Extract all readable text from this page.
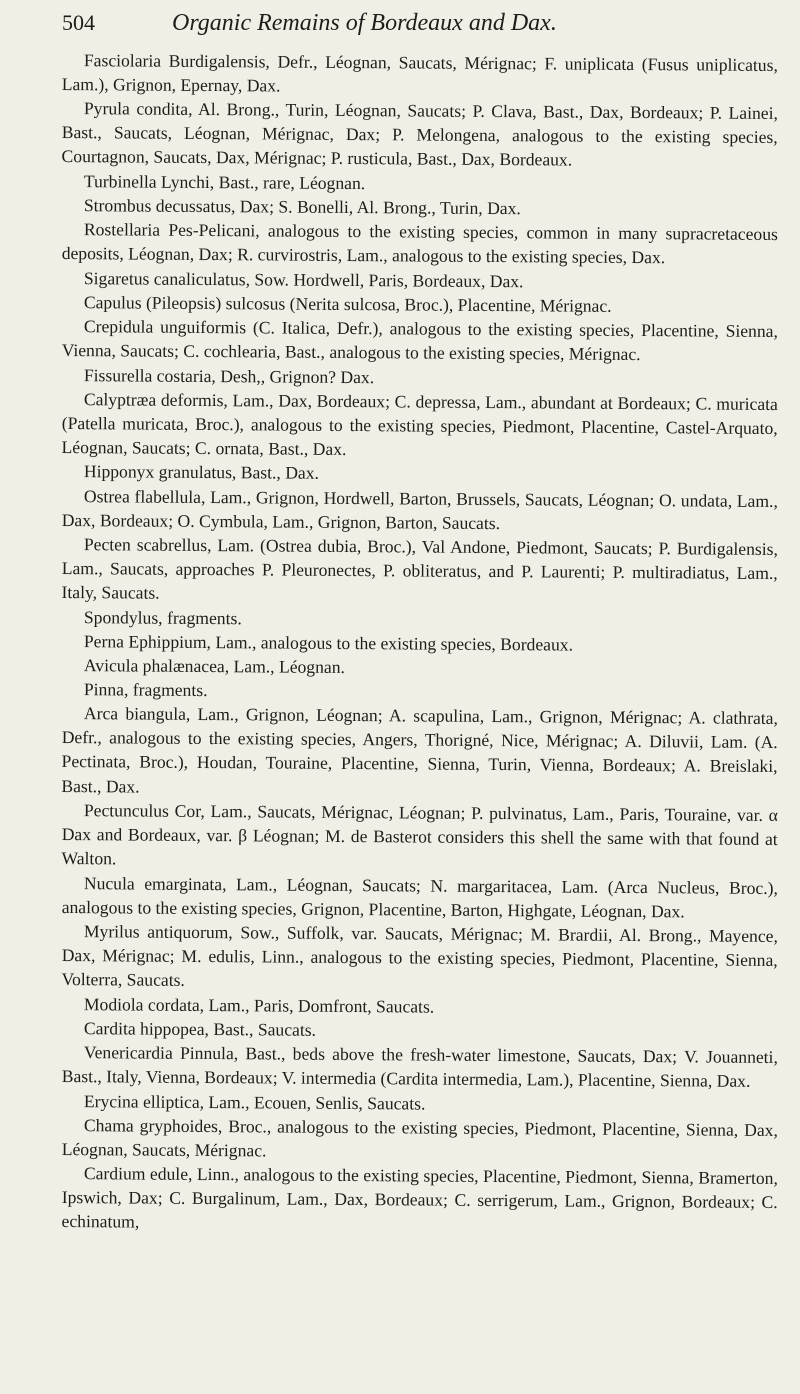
504	Organic Remains of Bordeaux and Dax.

Fasciolaria Burdigalensis, Defr., Léognan, Saucats, Mérignac; F. uniplicata (Fusus uniplicatus, Lam.), Grignon, Epernay, Dax.

Pyrula condita, Al. Brong., Turin, Léognan, Saucats; P. Clava, Bast., Dax, Bordeaux; P. Lainei, Bast., Saucats, Léognan, Mérignac, Dax; P. Melongena, analogous to the existing species, Courtagnon, Saucats, Dax, Mérignac; P. rusticula, Bast., Dax, Bordeaux.

Turbinella Lynchi, Bast., rare, Léognan.

Strombus decussatus, Dax; S. Bonelli, Al. Brong., Turin, Dax.

Rostellaria Pes-Pelicani, analogous to the existing species, common in many supracretaceous deposits, Léognan, Dax; R. curvirostris, Lam., analogous to the existing species, Dax.

Sigaretus canaliculatus, Sow. Hordwell, Paris, Bordeaux, Dax.

Capulus (Pileopsis) sulcosus (Nerita sulcosa, Broc.), Placentine, Mérignac.

Crepidula unguiformis (C. Italica, Defr.), analogous to the existing species, Placentine, Sienna, Vienna, Saucats; C. cochlearia, Bast., analogous to the existing species, Mérignac.

Fissurella costaria, Desh,, Grignon? Dax.

Calyptræa deformis, Lam., Dax, Bordeaux; C. depressa, Lam., abundant at Bordeaux; C. muricata (Patella muricata, Broc.), analogous to the existing species, Piedmont, Placentine, Castel-Arquato, Léognan, Saucats; C. ornata, Bast., Dax.

Hipponyx granulatus, Bast., Dax.

Ostrea flabellula, Lam., Grignon, Hordwell, Barton, Brussels, Saucats, Léognan; O. undata, Lam., Dax, Bordeaux; O. Cymbula, Lam., Grignon, Barton, Saucats.

Pecten scabrellus, Lam. (Ostrea dubia, Broc.), Val Andone, Piedmont, Saucats; P. Burdigalensis, Lam., Saucats, approaches P. Pleuronectes, P. obliteratus, and P. Laurenti; P. multiradiatus, Lam., Italy, Saucats.

Spondylus, fragments.

Perna Ephippium, Lam., analogous to the existing species, Bordeaux.

Avicula phalænacea, Lam., Léognan.

Pinna, fragments.

Arca biangula, Lam., Grignon, Léognan; A. scapulina, Lam., Grignon, Mérignac; A. clathrata, Defr., analogous to the existing species, Angers, Thorigné, Nice, Mérignac; A. Diluvii, Lam. (A. Pectinata, Broc.), Houdan, Touraine, Placentine, Sienna, Turin, Vienna, Bordeaux; A. Breislaki, Bast., Dax.

Pectunculus Cor, Lam., Saucats, Mérignac, Léognan; P. pulvinatus, Lam., Paris, Touraine, var. α Dax and Bordeaux, var. β Léognan; M. de Basterot considers this shell the same with that found at Walton.

Nucula emarginata, Lam., Léognan, Saucats; N. margaritacea, Lam. (Arca Nucleus, Broc.), analogous to the existing species, Grignon, Placentine, Barton, Highgate, Léognan, Dax.

Myrilus antiquorum, Sow., Suffolk, var. Saucats, Mérignac; M. Brardii, Al. Brong., Mayence, Dax, Mérignac; M. edulis, Linn., analogous to the existing species, Piedmont, Placentine, Sienna, Volterra, Saucats.

Modiola cordata, Lam., Paris, Domfront, Saucats.

Cardita hippopea, Bast., Saucats.

Venericardia Pinnula, Bast., beds above the fresh-water limestone, Saucats, Dax; V. Jouanneti, Bast., Italy, Vienna, Bordeaux; V. intermedia (Cardita intermedia, Lam.), Placentine, Sienna, Dax.

Erycina elliptica, Lam., Ecouen, Senlis, Saucats.

Chama gryphoides, Broc., analogous to the existing species, Piedmont, Placentine, Sienna, Dax, Léognan, Saucats, Mérignac.

Cardium edule, Linn., analogous to the existing species, Placentine, Piedmont, Sienna, Bramerton, Ipswich, Dax; C. Burgalinum, Lam., Dax, Bordeaux; C. serrigerum, Lam., Grignon, Bordeaux; C. echinatum,
